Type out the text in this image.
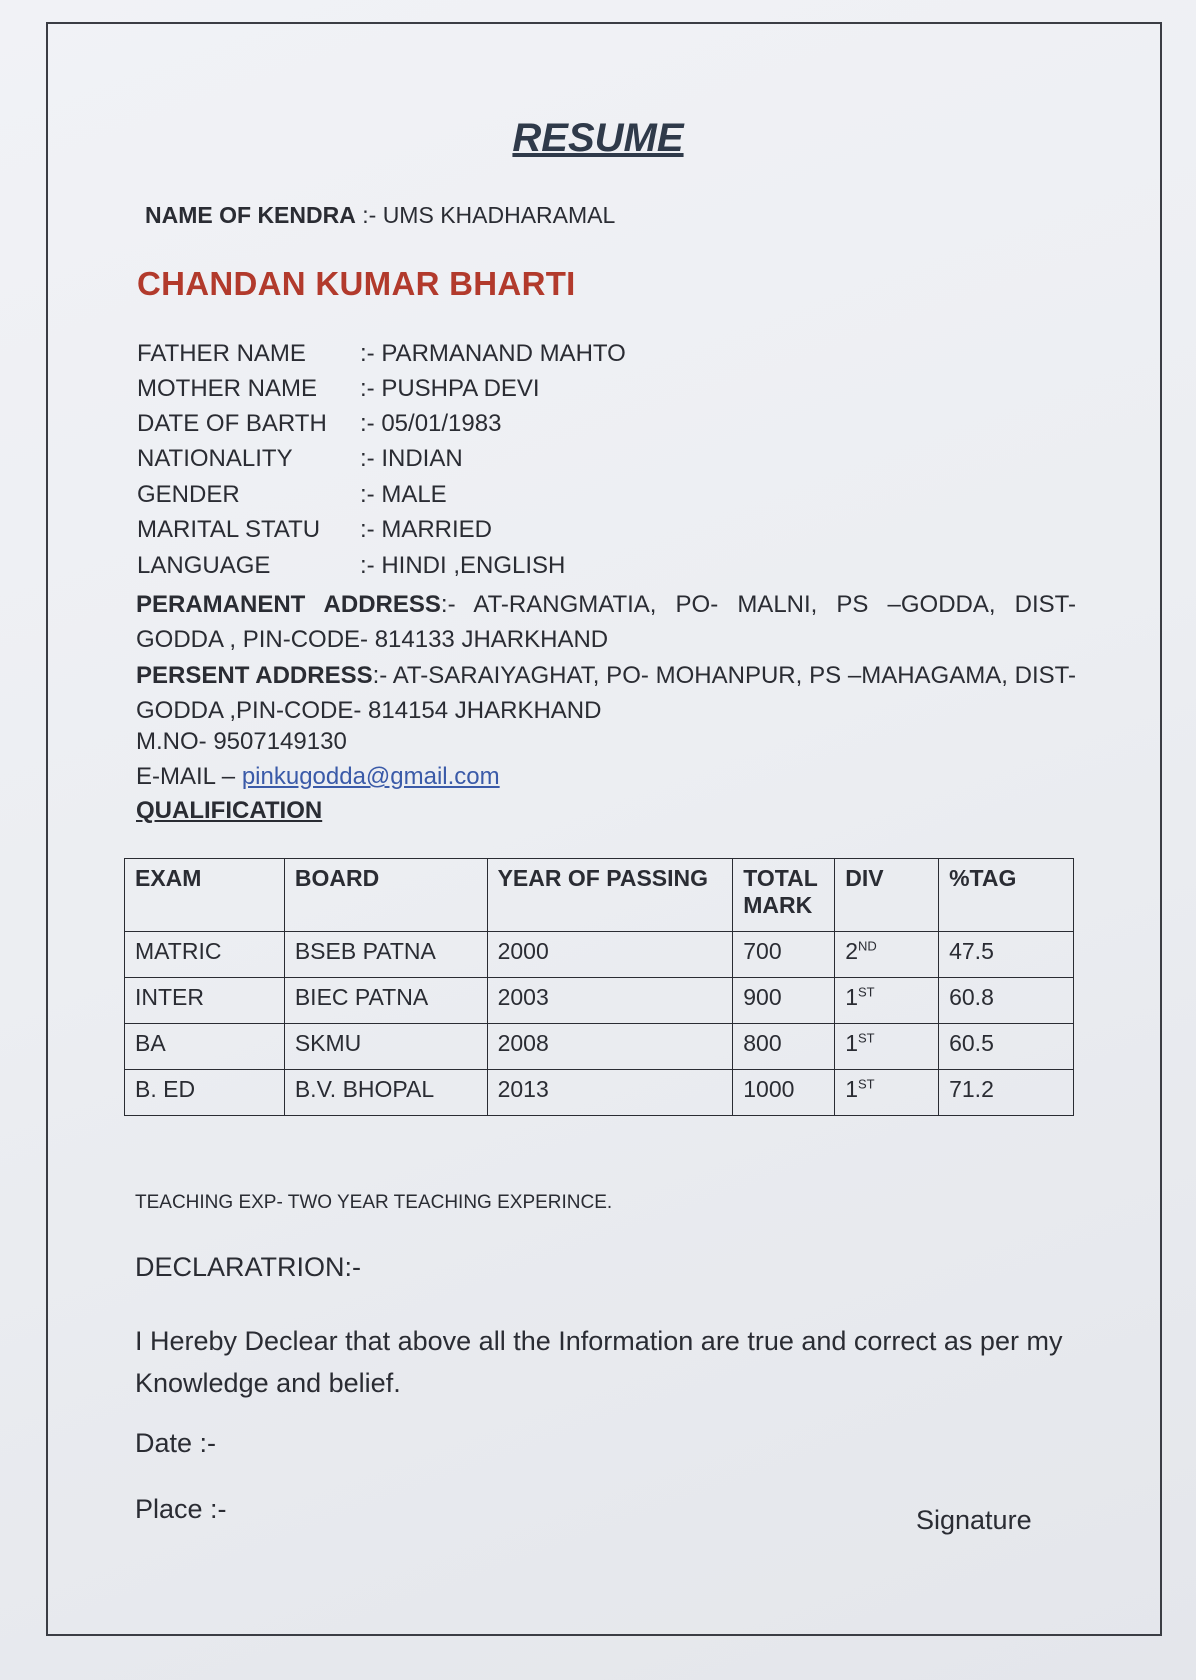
RESUME
NAME OF KENDRA :- UMS KHADHARAMAL
CHANDAN KUMAR BHARTI
FATHER NAME :- PARMANAND MAHTO
MOTHER NAME :- PUSHPA DEVI
DATE OF BARTH :- 05/01/1983
NATIONALITY	:- INDIAN
GENDER	:- MALE
MARITAL STATU :- MARRIED
LANGUAGE	:- HINDI ,ENGLISH
PERAMANENT ADDRESS:- AT-RANGMATIA, PO- MALNI, PS –GODDA, DIST- GODDA , PIN-CODE- 814133 JHARKHAND
PERSENT ADDRESS:- AT-SARAIYAGHAT, PO- MOHANPUR, PS –MAHAGAMA, DIST- GODDA ,PIN-CODE- 814154 JHARKHAND
M.NO- 9507149130
E-MAIL – pinkugodda@gmail.com
QUALIFICATION
EXAM	BOARD	YEAR OF PASSING	TOTAL MARK	DIV	%TAG
MATRIC	BSEB PATNA	2000	700	2ND	47.5
INTER	BIEC PATNA	2003	900	1ST	60.8
BA	SKMU	2008	800	1ST	60.5
B. ED	B.V. BHOPAL	2013	1000	1ST	71.2
TEACHING EXP- TWO YEAR TEACHING EXPERINCE.
DECLARATRION:-
I Hereby Declear that above all the Information are true and correct as per my Knowledge and belief.
Date :-
Place :-	Signature
